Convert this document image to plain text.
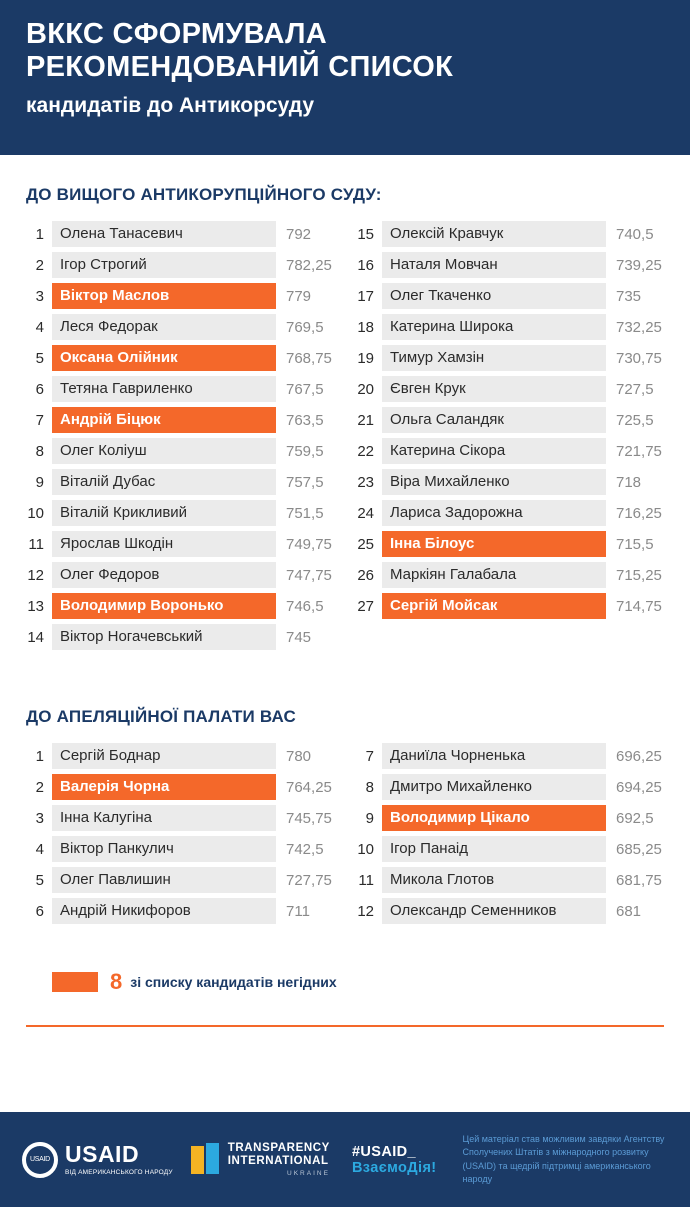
ВККС СФОРМУВАЛА
РЕКОМЕНДОВАНИЙ СПИСОК
кандидатів до Антикорсуду
ДО ВИЩОГО АНТИКОРУПЦІЙНОГО СУДУ:
1	Олена Танасевич	792
2	Ігор Строгий	782,25
3	Віктор Маслов	779
4	Леся Федорак	769,5
5	Оксана Олійник	768,75
6	Тетяна Гавриленко	767,5
7	Андрій Біцюк	763,5
8	Олег Коліуш	759,5
9	Віталій Дубас	757,5
10	Віталій Крикливий	751,5
11	Ярослав Шкодін	749,75
12	Олег Федоров	747,75
13	Володимир Воронько	746,5
14	Віктор Ногачевський	745
15	Олексій Кравчук	740,5
16	Наталя Мовчан	739,25
17	Олег Ткаченко	735
18	Катерина Широка	732,25
19	Тимур Хамзін	730,75
20	Євген Крук	727,5
21	Ольга Саландяк	725,5
22	Катерина Сікора	721,75
23	Віра Михайленко	718
24	Лариса Задорожна	716,25
25	Інна Білоус	715,5
26	Маркіян Галабала	715,25
27	Сергій Мойсак	714,75
ДО АПЕЛЯЦІЙНОЇ ПАЛАТИ ВАС
1	Сергій Боднар	780
2	Валерія Чорна	764,25
3	Інна Калугіна	745,75
4	Віктор Панкулич	742,5
5	Олег Павлишин	727,75
6	Андрій Никифоров	711
7	Даниїла Чорненька	696,25
8	Дмитро Михайленко	694,25
9	Володимир Цікало	692,5
10	Ігор Панаід	685,25
11	Микола Глотов	681,75
12	Олександр Семенников	681
8 зі списку кандидатів негідних
USAID USAID
ВІД АМЕРИКАНСЬКОГО НАРОДУ
TRANSPARENCY
INTERNATIONAL
UKRAINE
#USAID_
ВзаємоДія!
Цей матеріал став можливим завдяки Агентству Сполучених Штатів з міжнародного розвитку (USAID) та щедрій підтримці американського народу
